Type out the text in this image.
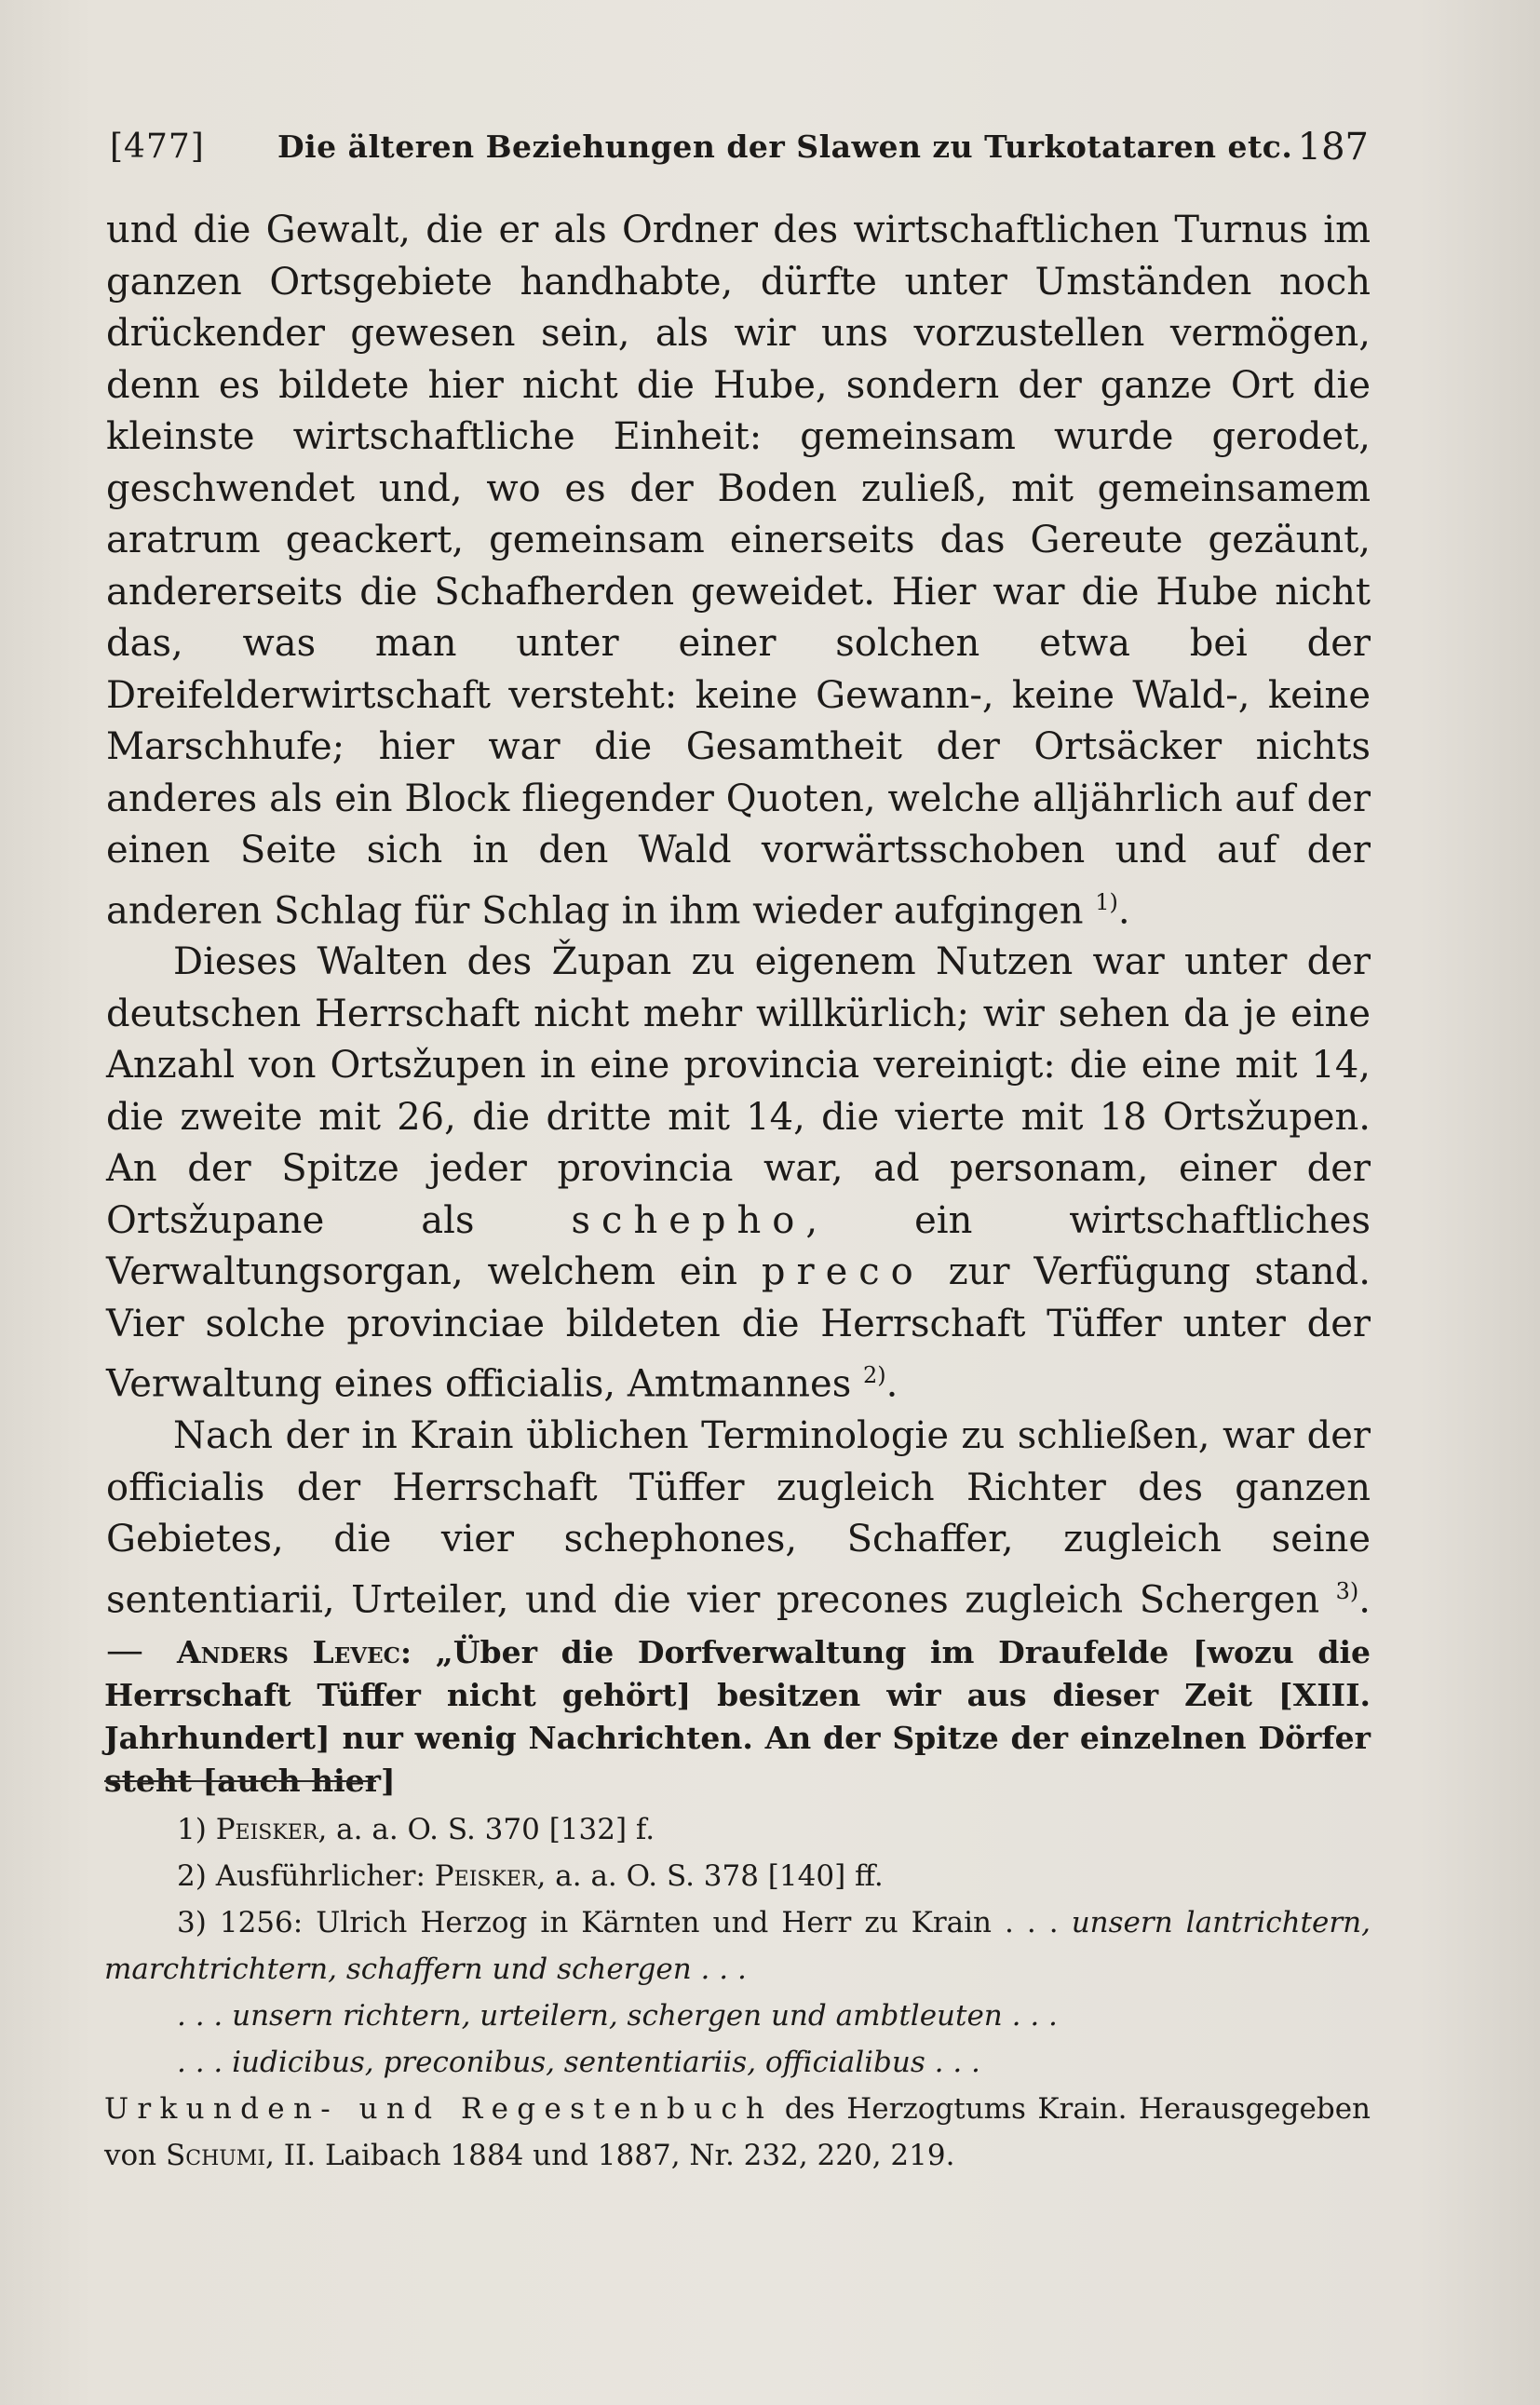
[477] Die älteren Beziehungen der Slawen zu Turkotataren etc. 187

und die Gewalt, die er als Ordner des wirtschaftlichen Turnus im ganzen Ortsgebiete handhabte, dürfte unter Umständen noch drückender gewesen sein, als wir uns vorzustellen vermögen, denn es bildete hier nicht die Hube, sondern der ganze Ort die kleinste wirtschaftliche Einheit: gemeinsam wurde gerodet, geschwendet und, wo es der Boden zuließ, mit gemeinsamem aratrum geackert, gemeinsam einerseits das Gereute gezäunt, andererseits die Schafherden geweidet. Hier war die Hube nicht das, was man unter einer solchen etwa bei der Dreifelderwirtschaft versteht: keine Gewann-, keine Wald-, keine Marschhufe; hier war die Gesamtheit der Ortsäcker nichts anderes als ein Block fliegender Quoten, welche alljährlich auf der einen Seite sich in den Wald vorwärtsschoben und auf der anderen Schlag für Schlag in ihm wieder aufgingen $^{1)}$.

Dieses Walten des Župan zu eigenem Nutzen war unter der deutschen Herrschaft nicht mehr willkürlich; wir sehen da je eine Anzahl von Ortsžupen in eine provincia vereinigt: die eine mit 14, die zweite mit 26, die dritte mit 14, die vierte mit 18 Ortsžupen. An der Spitze jeder provincia war, ad personam, einer der Ortsžupane als	schepho, ein wirtschaftliches Verwaltungsorgan, welchem ein preco zur Verfügung stand. Vier solche provinciae bildeten die Herrschaft Tüffer unter der Verwaltung eines officialis, Amtmannes $^{2)}$.

Nach der in Krain üblichen Terminologie zu schließen, war der officialis der Herrschaft Tüffer zugleich Richter des ganzen Gebietes, die vier schephones, Schaffer, zugleich seine sententiarii, Urteiler, und die vier precones zugleich Schergen $^{3)}$. —	Anders Levec: „Über die Dorfverwaltung im Draufelde [wozu die Herrschaft Tüffer nicht gehört] besitzen wir aus dieser Zeit [XIII. Jahrhundert] nur wenig Nachrichten. An der Spitze der einzelnen Dörfer steht [auch hier]

1) Peisker, a. a. O. S. 370 [132] f.

2) Ausführlicher: Peisker, a. a. O. S. 378 [140] ff.

3) 1256: Ulrich Herzog in Kärnten und Herr zu Krain . . . unsern lantrichtern, marchtrichtern, schaffern und schergen . . .

. . . unsern richtern, urteilern, schergen und ambtleuten . . .

. . . iudicibus, preconibus, sententiariis, officialibus . . .

Urkunden- und Regestenbuch des Herzogtums Krain. Herausgegeben von Schumi, II. Laibach 1884 und 1887, Nr. 232, 220, 219.
